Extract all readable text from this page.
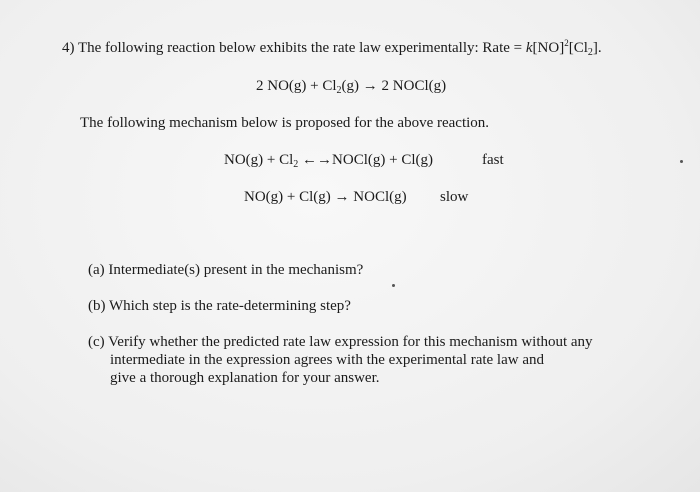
4) The following reaction below exhibits the rate law experimentally: Rate = $k[NO]^2[Cl_2]$.
2 $NO(g) + Cl_2(g) \to 2$ NOCl(g)
The following mechanism below is proposed for the above reaction.
$NO(g) + Cl_2$ ←→NOCl(g) + Cl(g)	fast
NO(g) + Cl(g) → NOCl(g) slow
(a) Intermediate(s) present in the mechanism?
(b) Which step is the rate-determining step?
(c) Verify whether the predicted rate law expression for this mechanism without any
intermediate in the expression agrees with the experimental rate law and
give a thorough explanation for your answer.
